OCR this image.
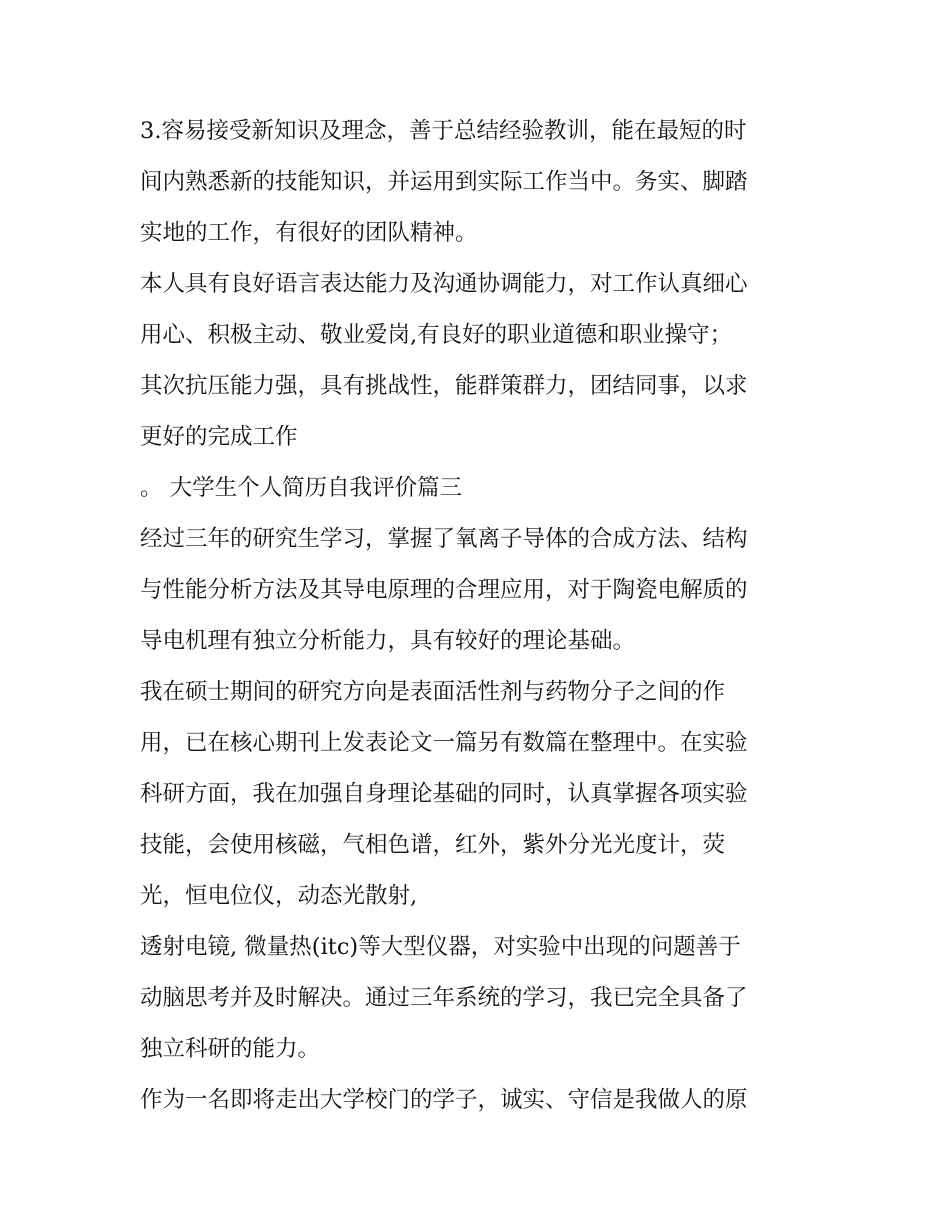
3.容易接受新知识及理念，善于总结经验教训，能在最短的时
间内熟悉新的技能知识，并运用到实际工作当中。务实、脚踏
实地的工作，有很好的团队精神。
本人具有良好语言表达能力及沟通协调能力，对工作认真细心
用心、积极主动、敬业爱岗,有良好的职业道德和职业操守；
其次抗压能力强，具有挑战性，能群策群力，团结同事，以求
更好的完成工作
。 大学生个人简历自我评价篇三
经过三年的研究生学习，掌握了氧离子导体的合成方法、结构
与性能分析方法及其导电原理的合理应用，对于陶瓷电解质的
导电机理有独立分析能力，具有较好的理论基础。
我在硕士期间的研究方向是表面活性剂与药物分子之间的作
用，已在核心期刊上发表论文一篇另有数篇在整理中。在实验
科研方面，我在加强自身理论基础的同时，认真掌握各项实验
技能，会使用核磁，气相色谱，红外，紫外分光光度计，荧
光，恒电位仪，动态光散射,
透射电镜, 微量热(itc)等大型仪器，对实验中出现的问题善于
动脑思考并及时解决。通过三年系统的学习，我已完全具备了
独立科研的能力。
作为一名即将走出大学校门的学子，诚实、守信是我做人的原
